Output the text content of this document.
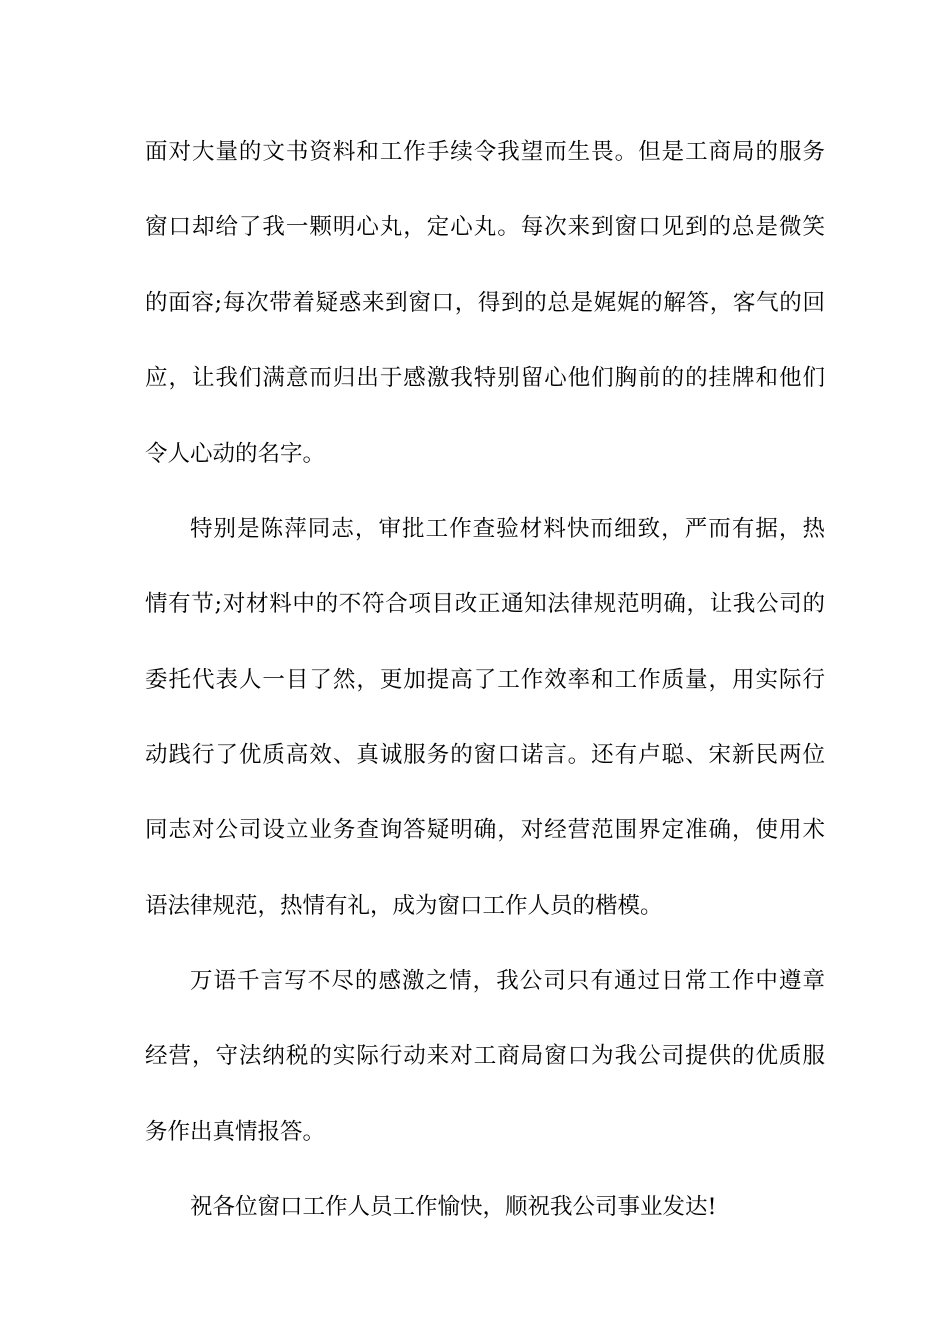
面对大量的文书资料和工作手续令我望而生畏。但是工商局的服务
窗口却给了我一颗明心丸，定心丸。每次来到窗口见到的总是微笑
的面容;每次带着疑惑来到窗口，得到的总是娓娓的解答，客气的回
应，让我们满意而归出于感激我特别留心他们胸前的的挂牌和他们
令人心动的名字。
特别是陈萍同志，审批工作查验材料快而细致，严而有据，热
情有节;对材料中的不符合项目改正通知法律规范明确，让我公司的
委托代表人一目了然，更加提高了工作效率和工作质量，用实际行
动践行了优质高效、真诚服务的窗口诺言。还有卢聪、宋新民两位
同志对公司设立业务查询答疑明确，对经营范围界定准确，使用术
语法律规范，热情有礼，成为窗口工作人员的楷模。
万语千言写不尽的感激之情，我公司只有通过日常工作中遵章
经营，守法纳税的实际行动来对工商局窗口为我公司提供的优质服
务作出真情报答。
祝各位窗口工作人员工作愉快，顺祝我公司事业发达!
